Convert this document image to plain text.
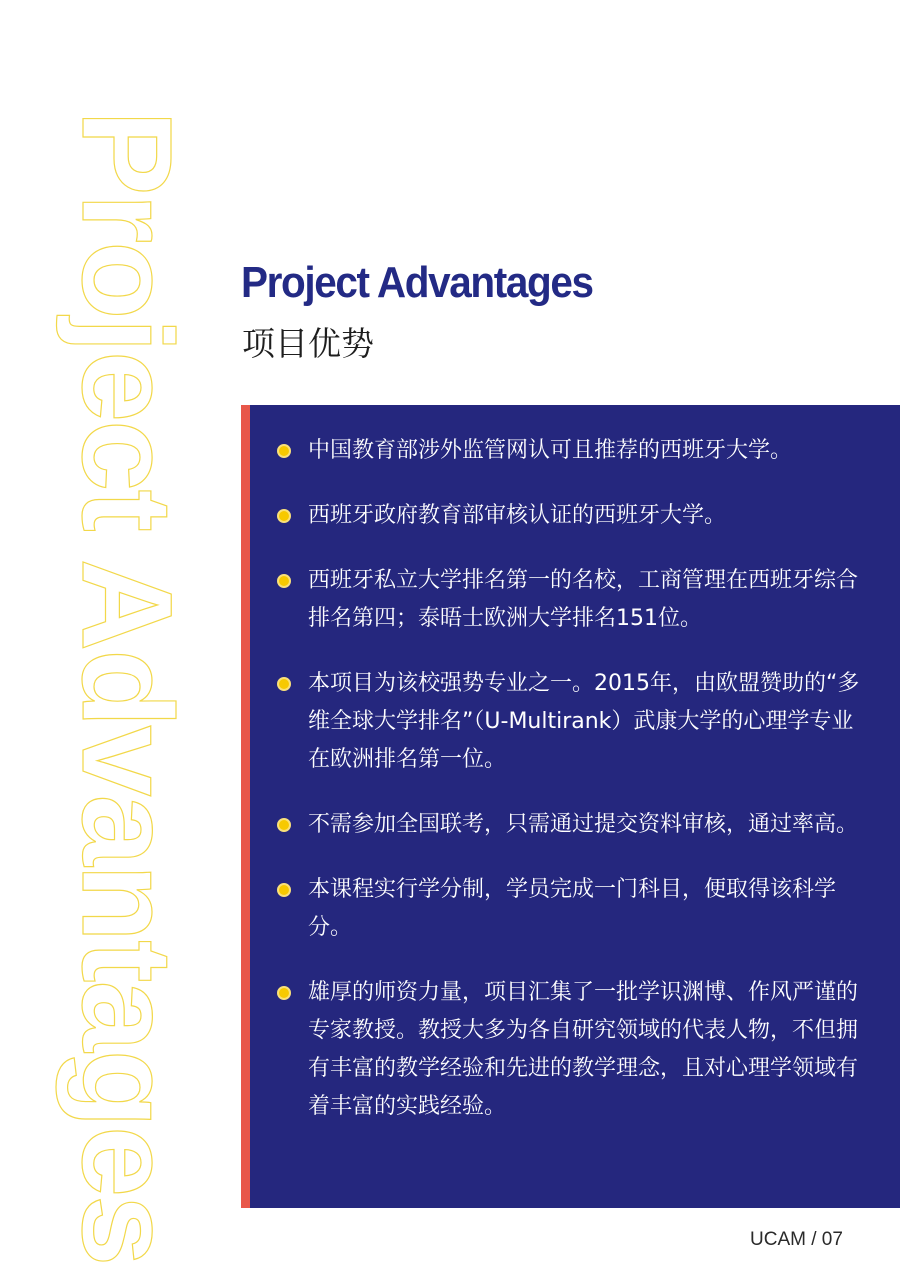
Project Advantages Project Advantages
项目优势
中国教育部涉外监管网认可且推荐的西班牙大学。
西班牙政府教育部审核认证的西班牙大学。
西班牙私立大学排名第一的名校，工商管理在西班牙综合排名第四；泰晤士欧洲大学排名151位。
本项目为该校强势专业之一。2015年，由欧盟赞助的“多维全球大学排名”（U-Multirank）武康大学的心理学专业在欧洲排名第一位。
不需参加全国联考，只需通过提交资料审核，通过率高。
本课程实行学分制，学员完成一门科目，便取得该科学分。
雄厚的师资力量，项目汇集了一批学识渊博、作风严谨的专家教授。教授大多为各自研究领域的代表人物，不但拥有丰富的教学经验和先进的教学理念，且对心理学领域有着丰富的实践经验。
UCAM / 07
